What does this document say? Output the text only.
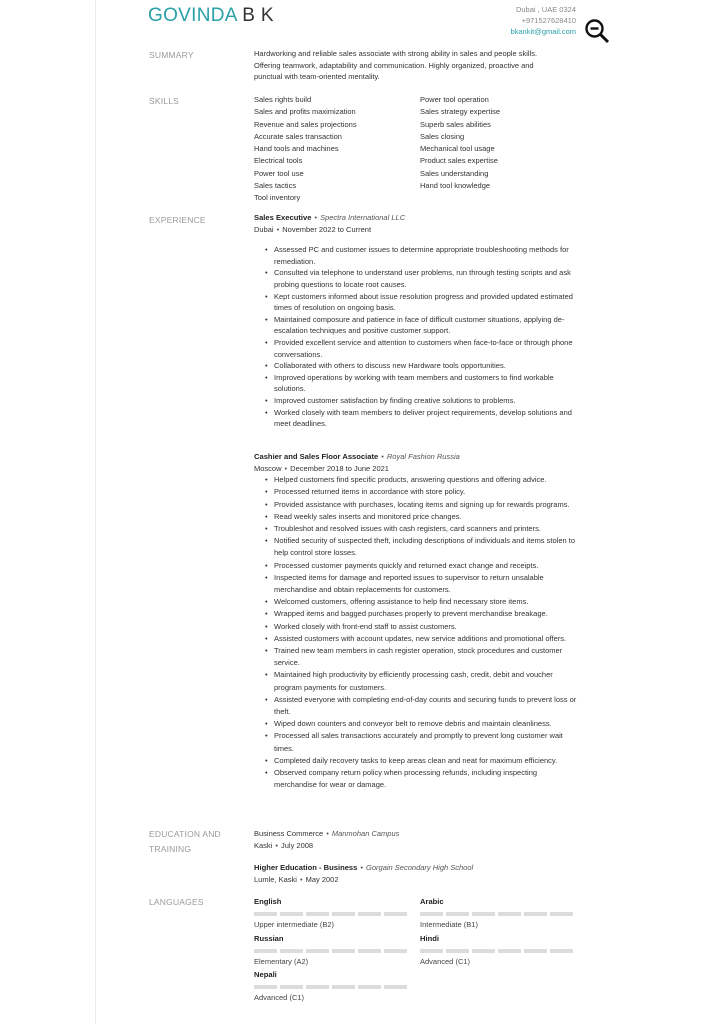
GOVINDA B K	Dubai , UAE 0324
+971527628410
bkankit@gmail.com
SUMMARY	Hardworking and reliable sales associate with strong ability in sales and people skills. Offering teamwork, adaptability and communication. Highly organized, proactive and punctual with team-oriented mentality.
SKILLS	Sales rights build
Sales and profits maximization
Revenue and sales projections
Accurate sales transaction
Hand tools and machines
Electrical tools
Power tool use
Sales tactics
Tool inventory
Power tool operation
Sales strategy expertise
Superb sales abilities
Sales closing
Mechanical tool usage
Product sales expertise
Sales understanding
Hand tool knowledge
EXPERIENCE	Sales Executive • Spectra International LLC
Dubai • November 2022 to Current
• Assessed PC and customer issues to determine appropriate troubleshooting methods for remediation.
• Consulted via telephone to understand user problems, run through testing scripts and ask probing questions to locate root causes.
• Kept customers informed about issue resolution progress and provided updated estimated times of resolution on ongoing basis.
• Maintained composure and patience in face of difficult customer situations, applying de-escalation techniques and positive customer support.
• Provided excellent service and attention to customers when face-to-face or through phone conversations.
• Collaborated with others to discuss new Hardware tools opportunities.
• Improved operations by working with team members and customers to find workable solutions.
• Improved customer satisfaction by finding creative solutions to problems.
• Worked closely with team members to deliver project requirements, develop solutions and meet deadlines.
Cashier and Sales Floor Associate • Royal Fashion Russia
Moscow • December 2018 to June 2021
• Helped customers find specific products, answering questions and offering advice.
• Processed returned items in accordance with store policy.
• Provided assistance with purchases, locating items and signing up for rewards programs.
• Read weekly sales inserts and monitored price changes.
• Troubleshot and resolved issues with cash registers, card scanners and printers.
• Notified security of suspected theft, including descriptions of individuals and items stolen to help control store losses.
• Processed customer payments quickly and returned exact change and receipts.
• Inspected items for damage and reported issues to supervisor to return unsalable merchandise and obtain replacements for customers.
• Welcomed customers, offering assistance to help find necessary store items.
• Wrapped items and bagged purchases properly to prevent merchandise breakage.
• Worked closely with front-end staff to assist customers.
• Assisted customers with account updates, new service additions and promotional offers.
• Trained new team members in cash register operation, stock procedures and customer service.
• Maintained high productivity by efficiently processing cash, credit, debit and voucher program payments for customers.
• Assisted everyone with completing end-of-day counts and securing funds to prevent loss or theft.
• Wiped down counters and conveyor belt to remove debris and maintain cleanliness.
• Processed all sales transactions accurately and promptly to prevent long customer wait times.
• Completed daily recovery tasks to keep areas clean and neat for maximum efficiency.
• Observed company return policy when processing refunds, including inspecting merchandise for wear or damage.
EDUCATION AND
TRAINING
Business Commerce • Manmohan Campus
Kaski • July 2008
Higher Education - Business • Gorgain Secondary High School
Lumle, Kaski • May 2002
LANGUAGES	English
Upper intermediate (B2)
Arabic
Intermediate (B1)
Russian
Elementary (A2)
Hindi
Advanced (C1)
Nepali
Advanced (C1)
